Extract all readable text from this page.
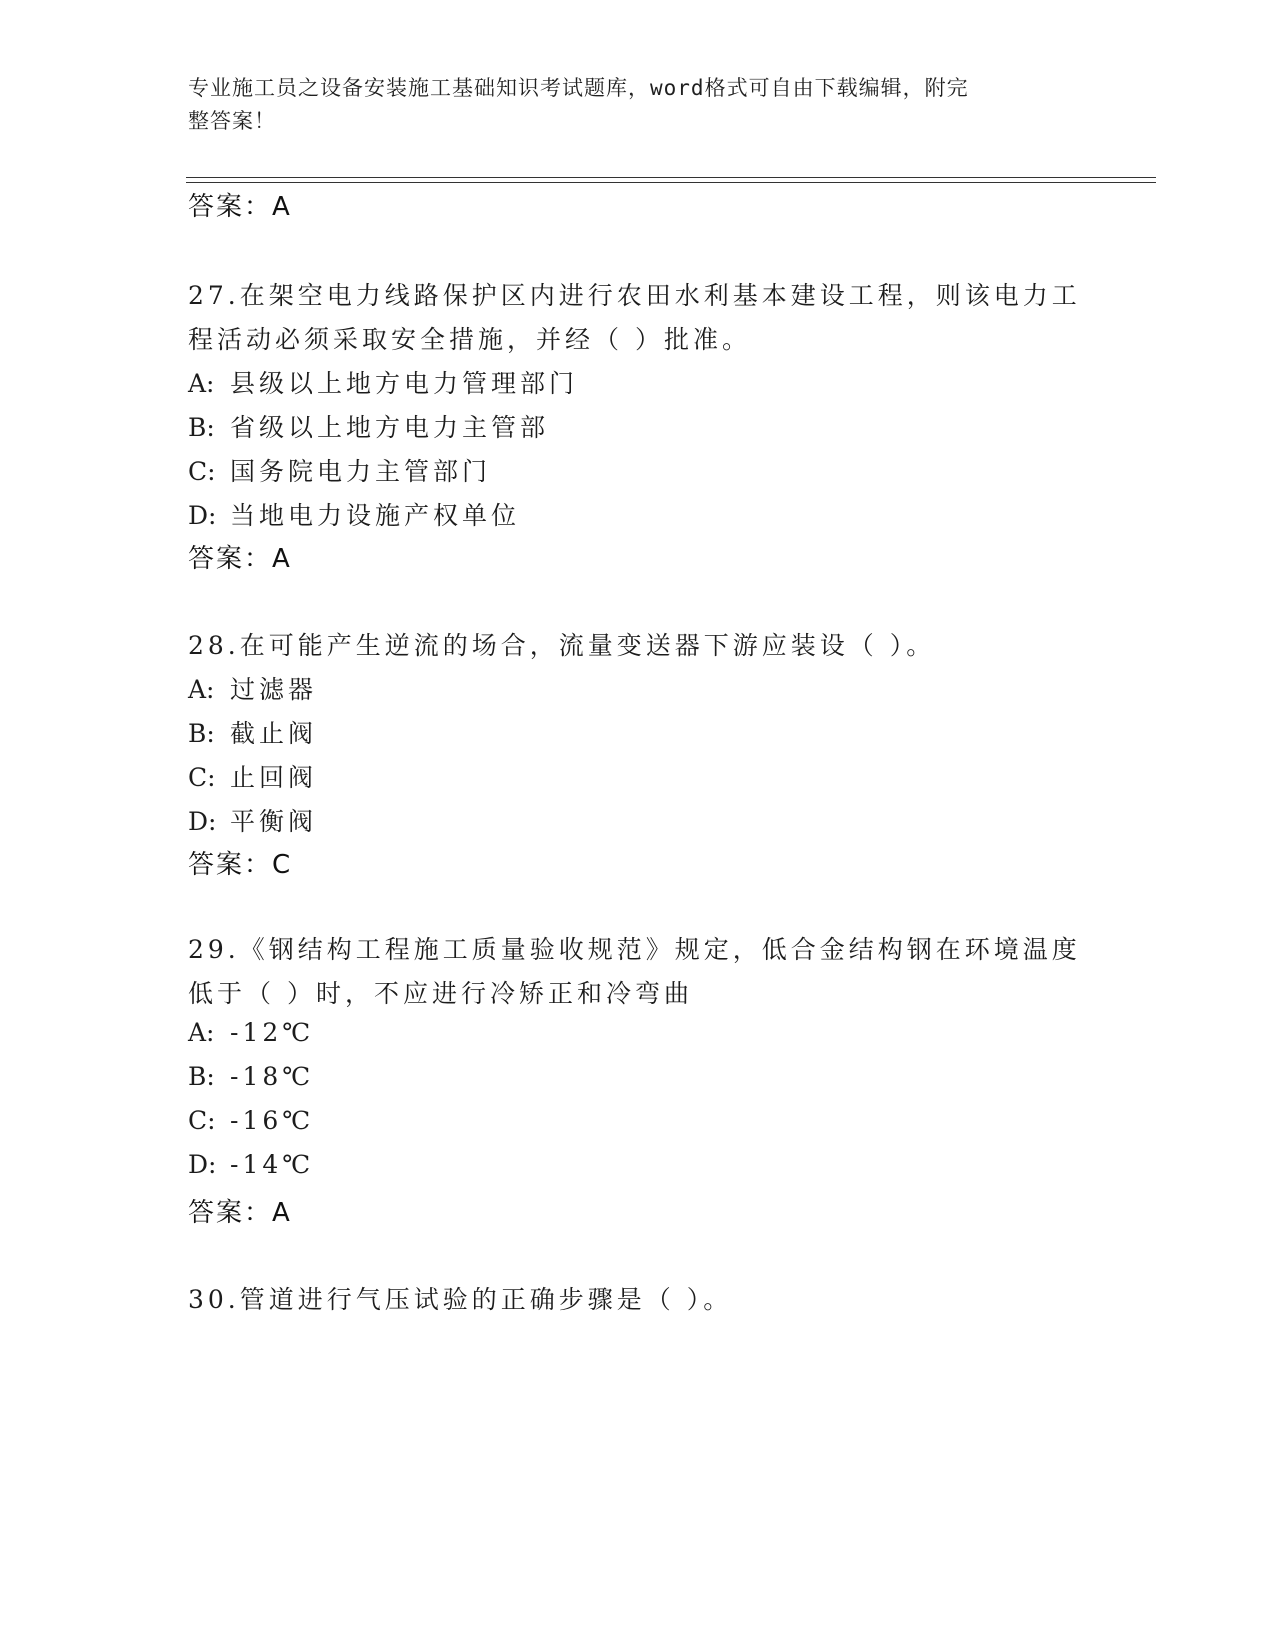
专业施工员之设备安装施工基础知识考试题库，word格式可自由下载编辑，附完
整答案！
答案：A
27.在架空电力线路保护区内进行农田水利基本建设工程，则该电力工
程活动必须采取安全措施，并经（ ）批准。
A: 县级以上地方电力管理部门
B: 省级以上地方电力主管部
C: 国务院电力主管部门
D: 当地电力设施产权单位
答案：A
28.在可能产生逆流的场合，流量变送器下游应装设（ ）。
A: 过滤器
B: 截止阀
C: 止回阀
D: 平衡阀
答案：C
29.《钢结构工程施工质量验收规范》规定，低合金结构钢在环境温度
低于（ ）时，不应进行冷矫正和冷弯曲
A: -12℃
B: -18℃
C: -16℃
D: -14℃
答案：A
30.管道进行气压试验的正确步骤是（ ）。
